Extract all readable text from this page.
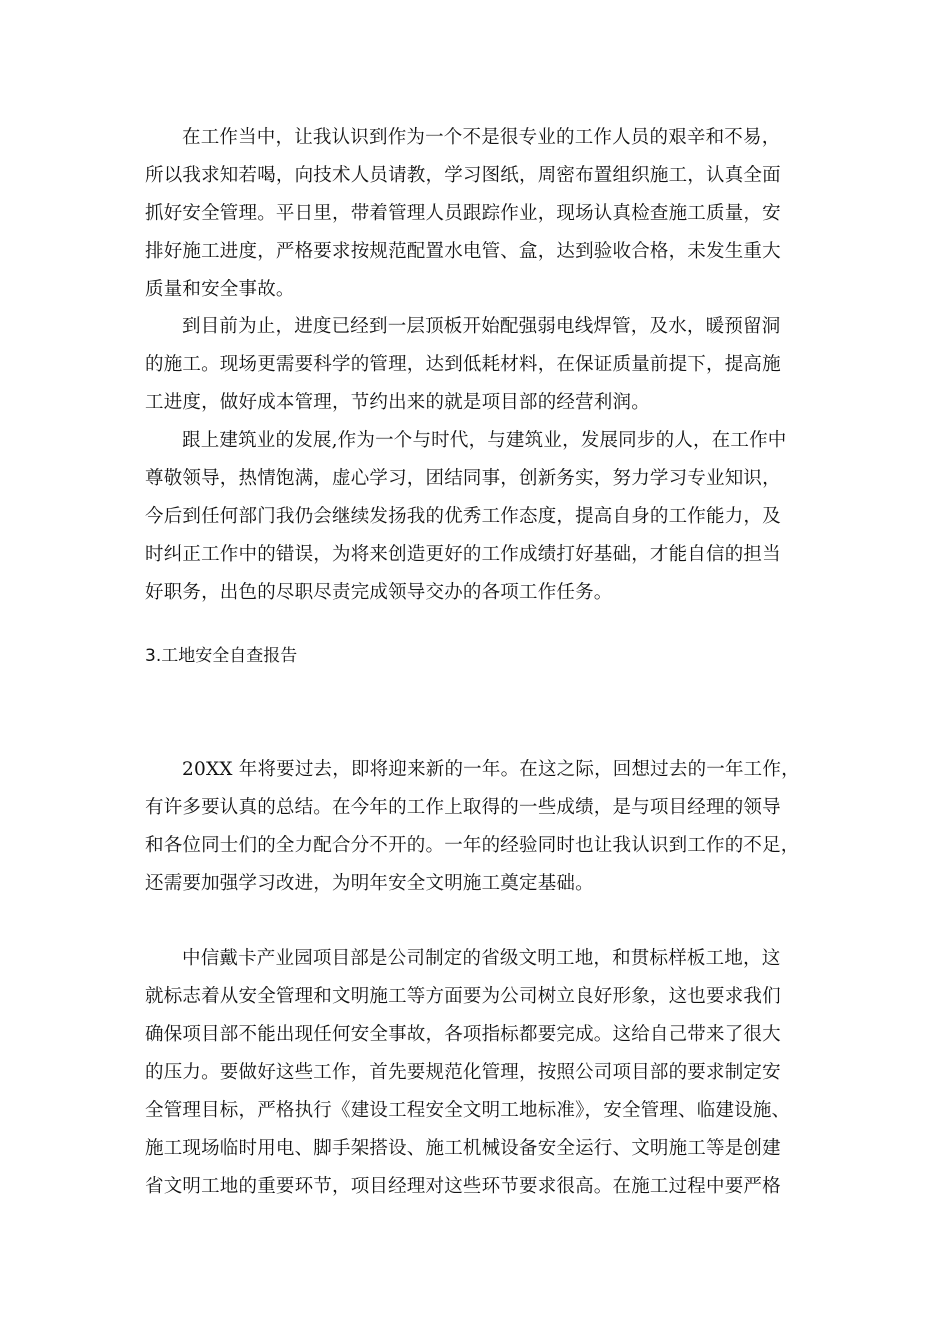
在工作当中，让我认识到作为一个不是很专业的工作人员的艰辛和不易，
所以我求知若喝，向技术人员请教，学习图纸，周密布置组织施工，认真全面
抓好安全管理。平日里，带着管理人员跟踪作业，现场认真检查施工质量，安
排好施工进度，严格要求按规范配置水电管、盒，达到验收合格，未发生重大
质量和安全事故。
到目前为止，进度已经到一层顶板开始配强弱电线焊管，及水，暖预留洞
的施工。现场更需要科学的管理，达到低耗材料，在保证质量前提下，提高施
工进度，做好成本管理，节约出来的就是项目部的经营利润。
跟上建筑业的发展,作为一个与时代，与建筑业，发展同步的人，在工作中
尊敬领导，热情饱满，虚心学习，团结同事，创新务实，努力学习专业知识，
今后到任何部门我仍会继续发扬我的优秀工作态度，提高自身的工作能力，及
时纠正工作中的错误，为将来创造更好的工作成绩打好基础，才能自信的担当
好职务，出色的尽职尽责完成领导交办的各项工作任务。
3.工地安全自查报告
20XX 年将要过去，即将迎来新的一年。在这之际，回想过去的一年工作，
有许多要认真的总结。在今年的工作上取得的一些成绩，是与项目经理的领导
和各位同士们的全力配合分不开的。一年的经验同时也让我认识到工作的不足，
还需要加强学习改进，为明年安全文明施工奠定基础。
中信戴卡产业园项目部是公司制定的省级文明工地，和贯标样板工地，这
就标志着从安全管理和文明施工等方面要为公司树立良好形象，这也要求我们
确保项目部不能出现任何安全事故，各项指标都要完成。这给自己带来了很大
的压力。要做好这些工作，首先要规范化管理，按照公司项目部的要求制定安
全管理目标，严格执行《建设工程安全文明工地标准》，安全管理、临建设施、
施工现场临时用电、脚手架搭设、施工机械设备安全运行、文明施工等是创建
省文明工地的重要环节，项目经理对这些环节要求很高。在施工过程中要严格
